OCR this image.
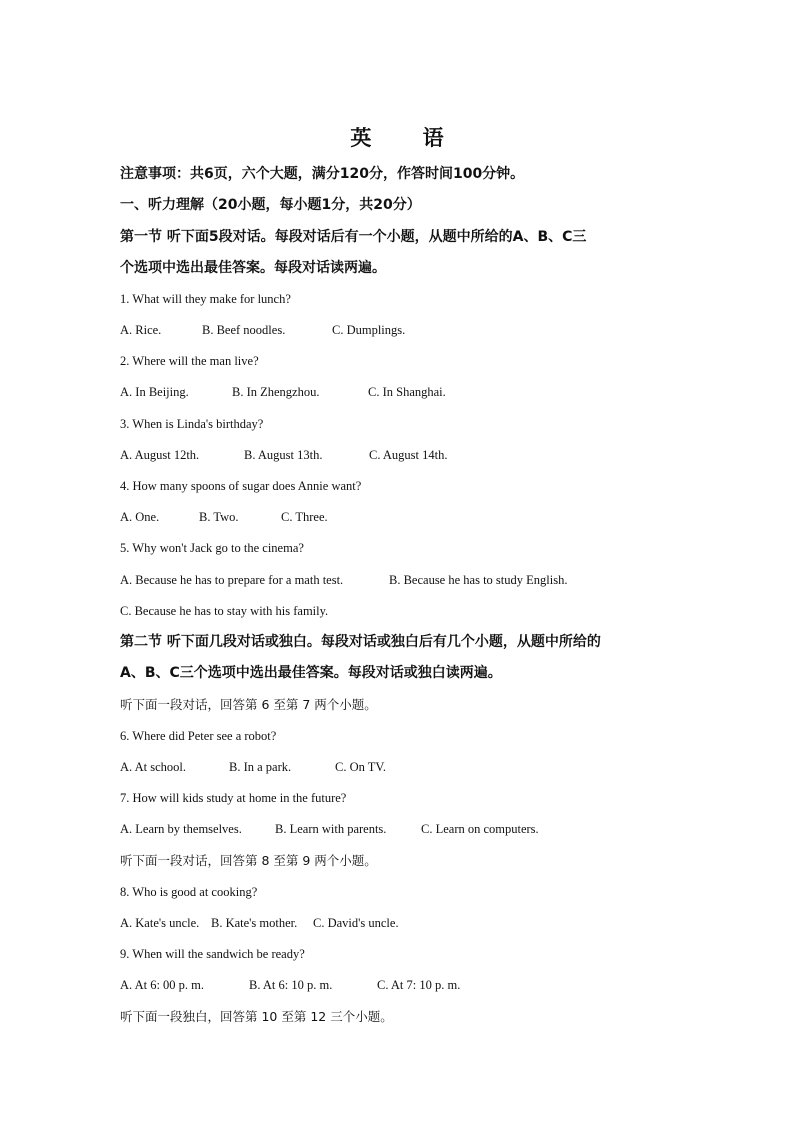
英 语
注意事项：共6页，六个大题，满分120分，作答时间100分钟。
一、听力理解（20小题，每小题1分，共20分）
第一节 听下面5段对话。每段对话后有一个小题，从题中所给的A、B、C三
个选项中选出最佳答案。每段对话读两遍。
1. What will they make for lunch?
A. Rice.	B. Beef noodles.	C. Dumplings.
2. Where will the man live?
A. In Beijing.	B. In Zhengzhou.	C. In Shanghai.
3. When is Linda's birthday?
A. August 12th.	B. August 13th.	C. August 14th.
4. How many spoons of sugar does Annie want?
A. One.	B. Two.	C. Three.
5. Why won't Jack go to the cinema?
A. Because he has to prepare for a math test.	B. Because he has to study English.
C. Because he has to stay with his family.
第二节 听下面几段对话或独白。每段对话或独白后有几个小题，从题中所给的
A、B、C三个选项中选出最佳答案。每段对话或独白读两遍。
听下面一段对话，回答第 6 至第 7 两个小题。
6. Where did Peter see a robot?
A. At school.	B. In a park.	C. On TV.
7. How will kids study at home in the future?
A. Learn by themselves.	B. Learn with parents.	C. Learn on computers.
听下面一段对话，回答第 8 至第 9 两个小题。
8. Who is good at cooking?
A. Kate's uncle. B. Kate's mother. C. David's uncle.
9. When will the sandwich be ready?
A. At 6: 00 p. m.	B. At 6: 10 p. m.	C. At 7: 10 p. m.
听下面一段独白，回答第 10 至第 12 三个小题。
